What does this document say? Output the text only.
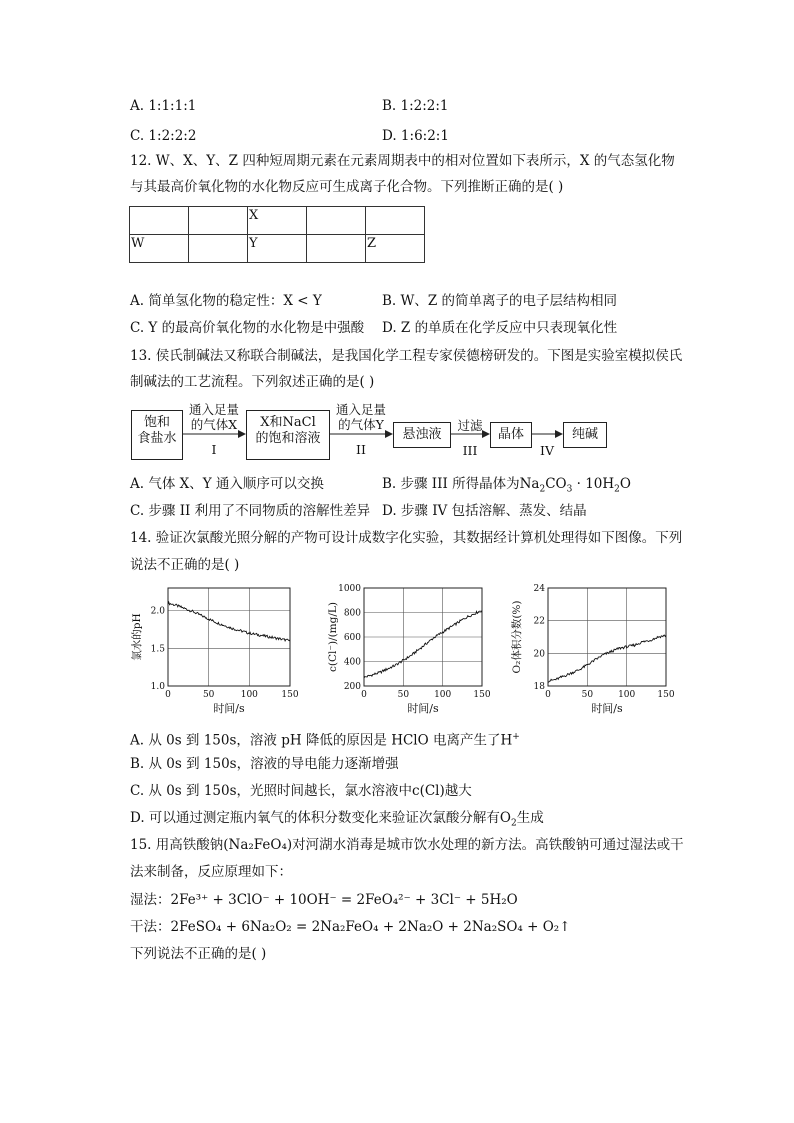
A. 1:1:1:1	B. 1:2:2:1
C. 1:2:2:2	D. 1:6:2:1
12. W、X、Y、Z 四种短周期元素在元素周期表中的相对位置如下表所示，X 的气态氢化物
与其最高价氧化物的水化物反应可生成离子化合物。下列推断正确的是( )
		X		
W		Y		Z
A. 简单氢化物的稳定性：X < Y	B. W、Z 的简单离子的电子层结构相同
C. Y 的最高价氧化物的水化物是中强酸 D. Z 的单质在化学反应中只表现氧化性
13. 侯氏制碱法又称联合制碱法，是我国化学工程专家侯德榜研发的。下图是实验室模拟侯氏
制碱法的工艺流程。下列叙述正确的是( )
饱和
食盐水
通入足量
的气体X
I
X和NaCl
的饱和溶液
通入足量
的气体Y
II
悬浊液
过滤
III
晶体
IV
纯碱
A. 气体 X、Y 通入顺序可以交换	B. 步骤 III 所得晶体为$Na_2CO_3 \cdot 10H_2O$
C. 步骤 II 利用了不同物质的溶解性差异 D. 步骤 IV 包括溶解、蒸发、结晶
14. 验证次氯酸光照分解的产物可设计成数字化实验，其数据经计算机处理得如下图像。下列
说法不正确的是( )
0	50	100	150
1.0
1.5
2.0
时间/s
氯水的pH
0	50	100 150
200
400
600
800
1000
时间/s
c(Cl⁻)/(mg/L)
0	50	100 150
18
20
22
24
时间/s
O₂体积分数(%)
A. 从 0s 到 150s，溶液 pH 降低的原因是 HClO 电离产生了H+
B. 从 0s 到 150s，溶液的导电能力逐渐增强
C. 从 0s 到 150s，光照时间越长，氯水溶液中c(Cl)越大
D. 可以通过测定瓶内氧气的体积分数变化来验证次氯酸分解有$O_2$生成
15. 用高铁酸钠(Na₂FeO₄)对河湖水消毒是城市饮水处理的新方法。高铁酸钠可通过湿法或干
法来制备，反应原理如下：
湿法：2Fe³⁺ + 3ClO⁻ + 10OH⁻ = 2FeO₄²⁻ + 3Cl⁻ + 5H₂O
干法：2FeSO₄ + 6Na₂O₂ = 2Na₂FeO₄ + 2Na₂O + 2Na₂SO₄ + O₂↑
下列说法不正确的是( )
